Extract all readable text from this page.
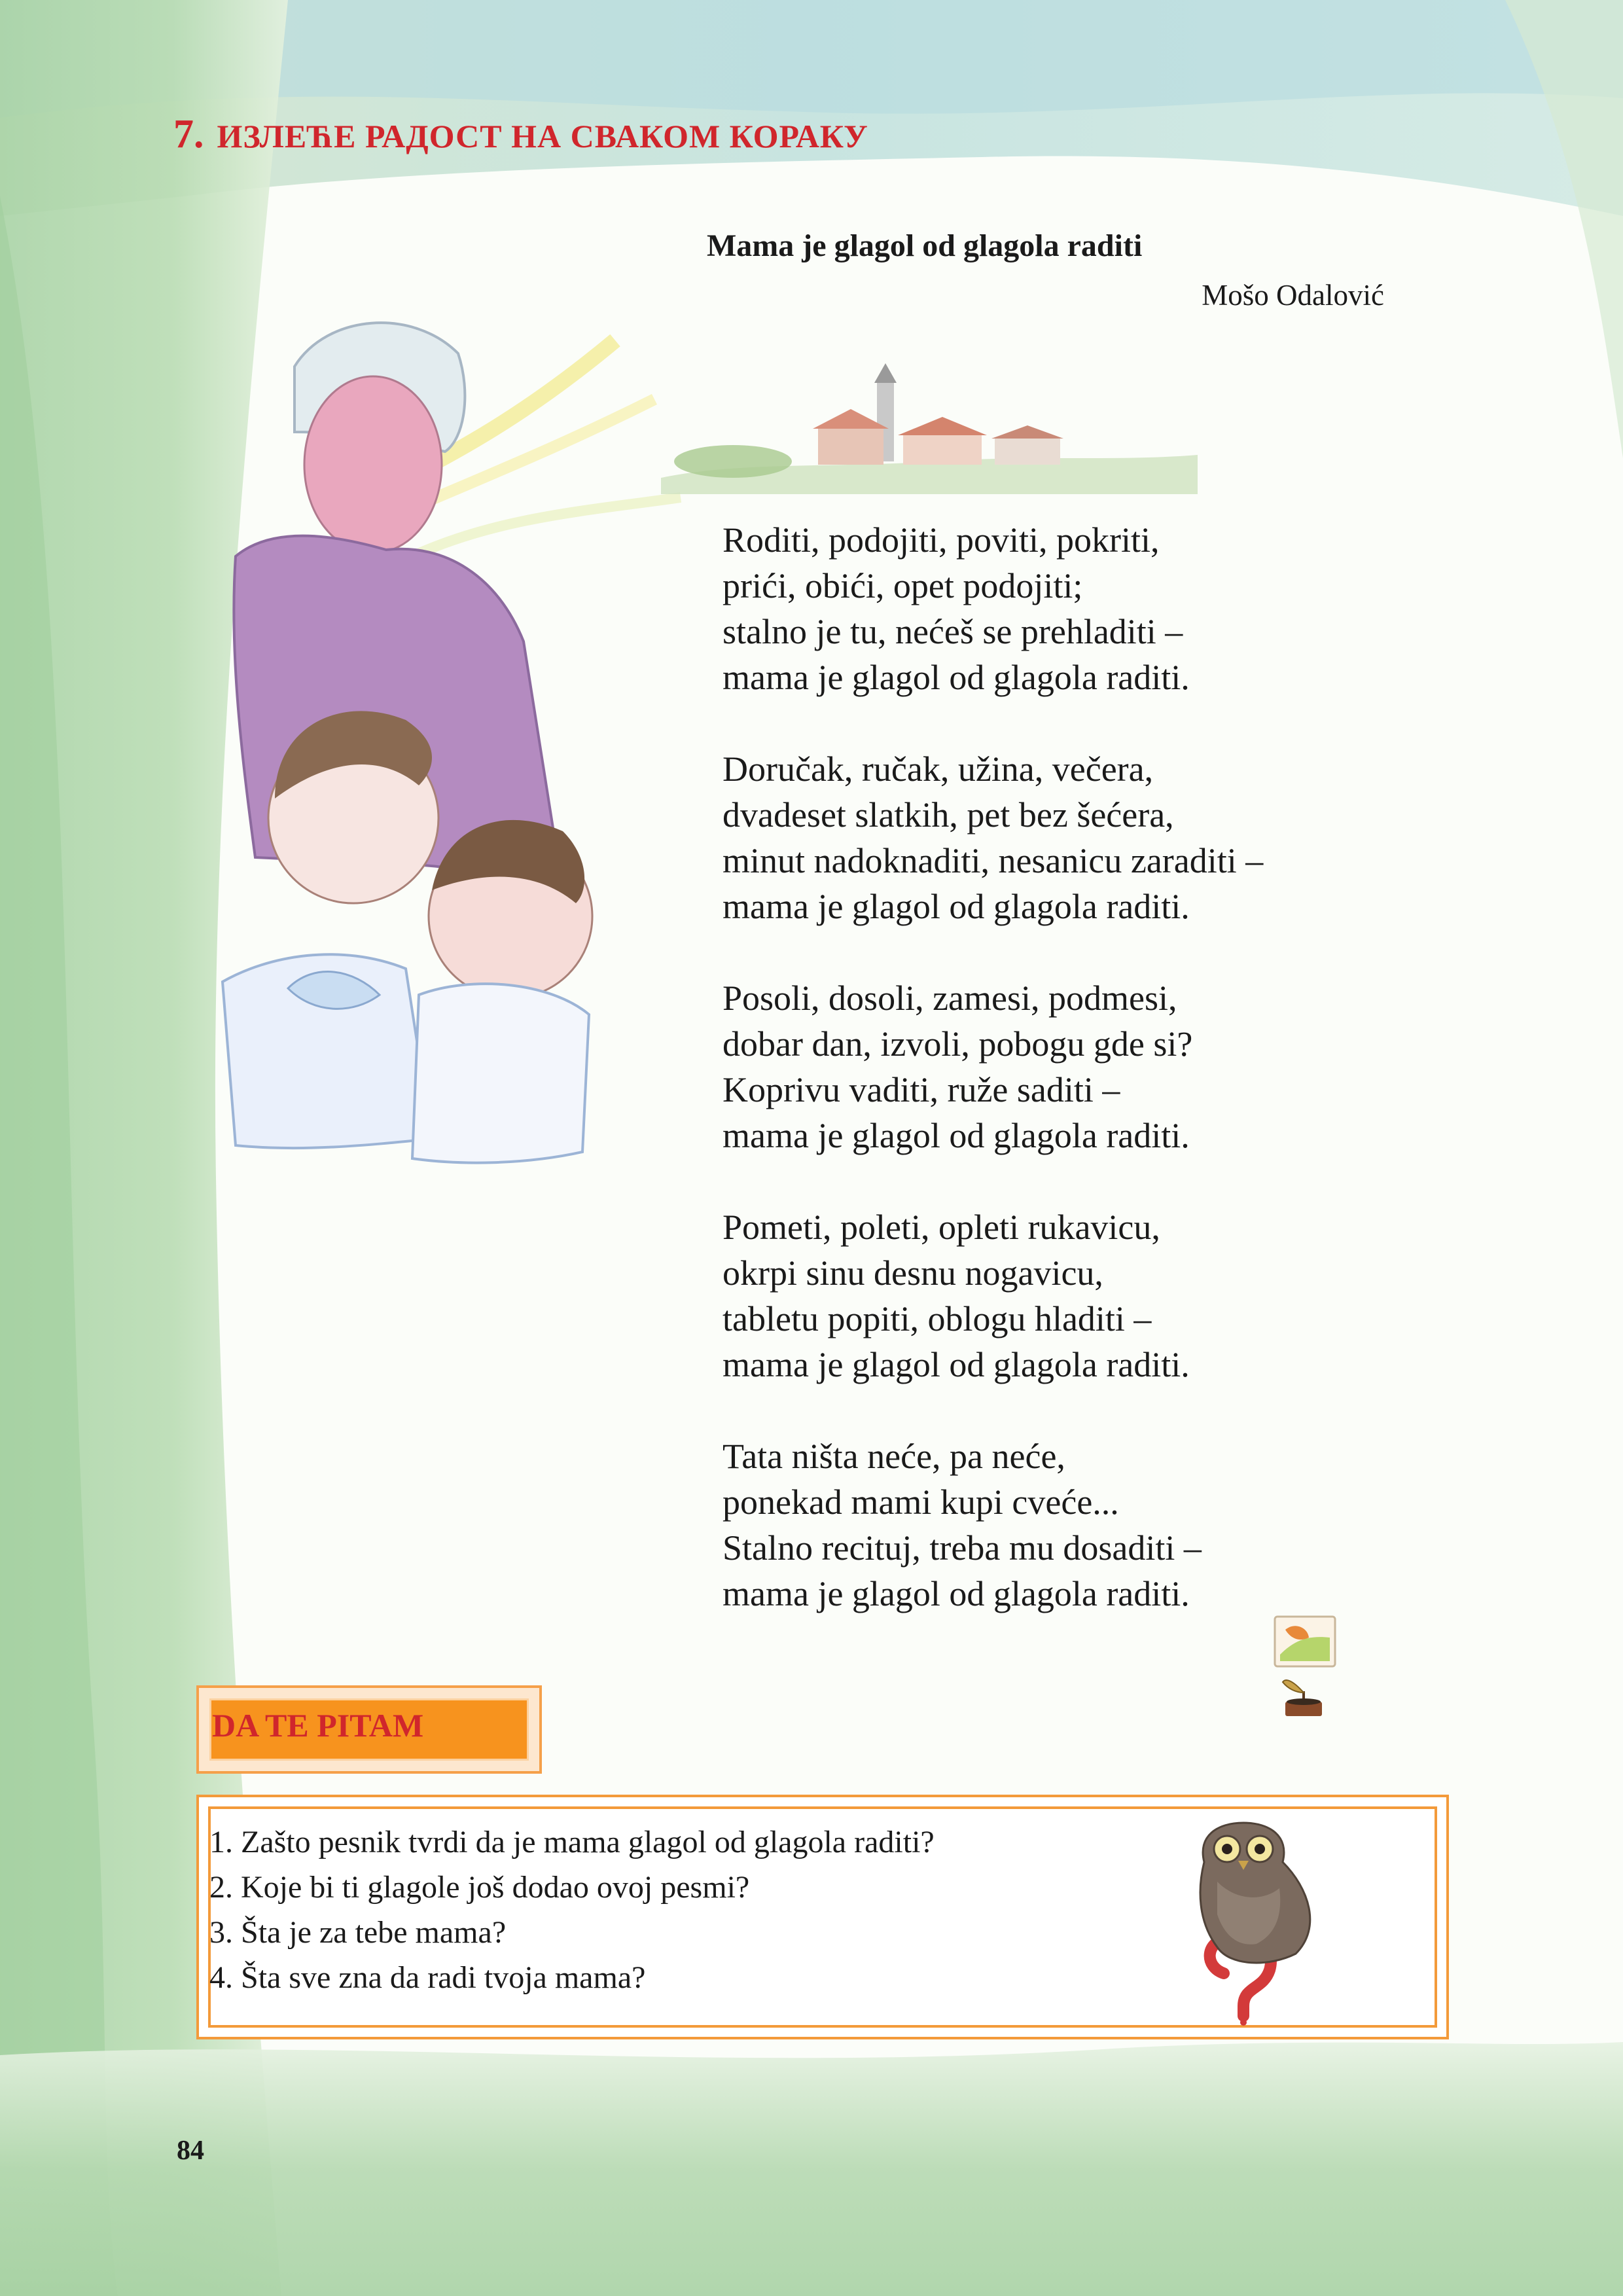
7. ИЗЛЕЋЕ РАДОСТ НА СВАКОМ КОРАКУ
Mama je glagol od glagola raditi
Mošo Odalović
Roditi, podojiti, poviti, pokriti,
prići, obići, opet podojiti;
stalno je tu, nećeš se prehladiti –
mama je glagol od glagola raditi.
Doručak, ručak, užina, večera,
dvadeset slatkih, pet bez šećera,
minut nadoknaditi, nesanicu zaraditi –
mama je glagol od glagola raditi.
Posoli, dosoli, zamesi, podmesi,
dobar dan, izvoli, pobogu gde si?
Koprivu vaditi, ruže saditi –
mama je glagol od glagola raditi.
Pometi, poleti, opleti rukavicu,
okrpi sinu desnu nogavicu,
tabletu popiti, oblogu hladiti –
mama je glagol od glagola raditi.
Tata ništa neće, pa neće,
ponekad mami kupi cveće...
Stalno recituj, treba mu dosaditi –
mama je glagol od glagola raditi.
DA TE PITAM
1. Zašto pesnik tvrdi da je mama glagol od glagola raditi?
2. Koje bi ti glagole još dodao ovoj pesmi?
3. Šta je za tebe mama?
4. Šta sve zna da radi tvoja mama?
84
